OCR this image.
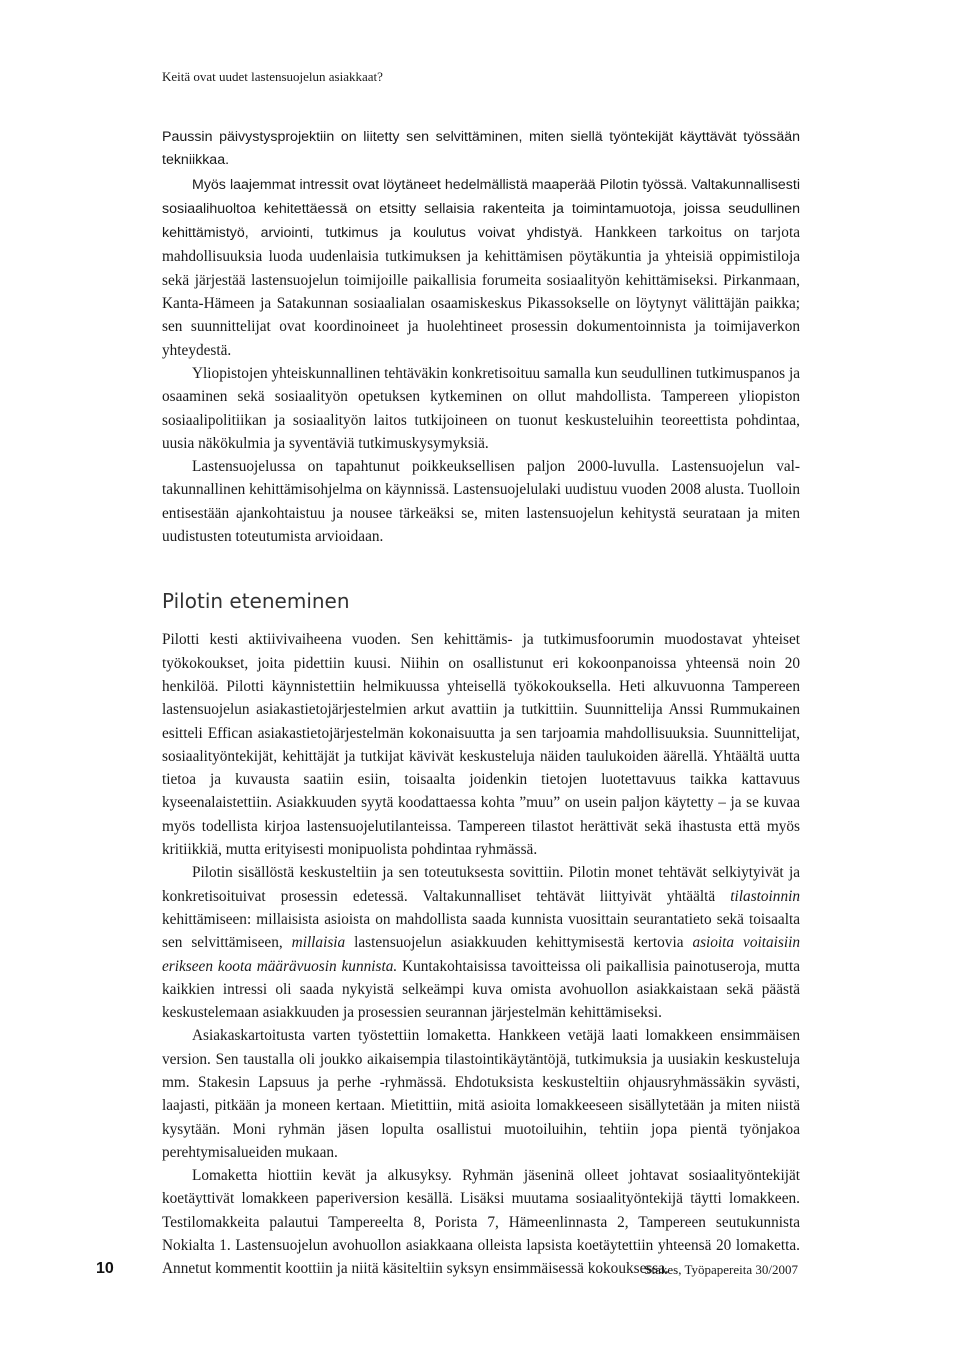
Keitä ovat uudet lastensuojelun asiakkaat?

Paussin päivystysprojektiin on liitetty sen selvittäminen, miten siellä työntekijät käyttävät työssään tekniikkaa.

Myös laajemmat intressit ovat löytäneet hedelmällistä maaperää Pilotin työssä. Valtakunnallisesti sosiaalihuoltoa kehitettäessä on etsitty sellaisia rakenteita ja toimintamuotoja, joissa seudullinen kehittämistyö, arviointi, tutkimus ja koulutus voivat yhdistyä. Hankkeen tarkoitus on tarjota mahdollisuuksia luoda uudenlaisia tutkimuksen ja kehittämisen pöytäkuntia ja yhteisiä oppimistiloja sekä järjestää lastensuojelun toimijoille paikallisia forumeita sosiaalityön kehittämiseksi. Pirkanmaan, Kanta-Hämeen ja Satakunnan sosiaalialan osaamiskeskus Pikassokselle on löytynyt välittäjän paikka; sen suunnittelijat ovat koordinoineet ja huolehtineet prosessin dokumentoinnista ja toimijaverkon yhteydestä.

Yliopistojen yhteiskunnallinen tehtäväkin konkretisoituu samalla kun seudullinen tutkimuspanos ja osaaminen sekä sosiaalityön opetuksen kytkeminen on ollut mahdollista. Tampereen yliopiston sosiaalipolitiikan ja sosiaalityön laitos tutkijoineen on tuonut keskusteluihin teoreettista pohdintaa, uusia näkökulmia ja syventäviä tutkimuskysymyksiä.

Lastensuojelussa on tapahtunut poikkeuksellisen paljon 2000-luvulla. Lastensuojelun valtakunnallinen kehittämisohjelma on käynnissä. Lastensuojelulaki uudistuu vuoden 2008 alusta. Tuolloin entisestään ajankohtaistuu ja nousee tärkeäksi se, miten lastensuojelun kehitystä seurataan ja miten uudistusten toteutumista arvioidaan.

Pilotin eteneminen

Pilotti kesti aktiivivaiheena vuoden. Sen kehittämis- ja tutkimusfoorumin muodostavat yhteiset työkokoukset, joita pidettiin kuusi. Niihin on osallistunut eri kokoonpanoissa yhteensä noin 20 henkilöä. Pilotti käynnistettiin helmikuussa yhteisellä työkokouksella. Heti alkuvuonna Tampereen lastensuojelun asiakastietojärjestelmien arkut avattiin ja tutkittiin. Suunnittelija Anssi Rummukainen esitteli Effican asiakastietojärjestelmän kokonaisuutta ja sen tarjoamia mahdollisuuksia. Suunnittelijat, sosiaalityöntekijät, kehittäjät ja tutkijat kävivät keskusteluja näiden taulukoiden äärellä. Yhtäältä uutta tietoa ja kuvausta saatiin esiin, toisaalta joidenkin tietojen luotettavuus taikka kattavuus kyseenalaistettiin. Asiakkuuden syytä koodattaessa kohta ”muu” on usein paljon käytetty – ja se kuvaa myös todellista kirjoa lastensuojelutilanteissa. Tampereen tilastot herättivät sekä ihastusta että myös kritiikkiä, mutta erityisesti monipuolista pohdintaa ryhmässä.

Pilotin sisällöstä keskusteltiin ja sen toteutuksesta sovittiin. Pilotin monet tehtävät selkiytyivät ja konkretisoituivat prosessin edetessä. Valtakunnalliset tehtävät liittyivät yhtäältä tilastoinnin kehittämiseen: millaisista asioista on mahdollista saada kunnista vuosittain seurantatieto sekä toisaalta sen selvittämiseen, millaisia lastensuojelun asiakkuuden kehittymisestä kertovia asioita voitaisiin erikseen koota määrävuosin kunnista. Kuntakohtaisissa tavoitteissa oli paikallisia painotuseroja, mutta kaikkien intressi oli saada nykyistä selkeämpi kuva omista avohuollon asiakkaistaan sekä päästä keskustelemaan asiakkuuden ja prosessien seurannan järjestelmän kehittämiseksi.

Asiakaskartoitusta varten työstettiin lomaketta. Hankkeen vetäjä laati lomakkeen ensimmäisen version. Sen taustalla oli joukko aikaisempia tilastointikäytäntöjä, tutkimuksia ja uusiakin keskusteluja mm. Stakesin Lapsuus ja perhe -ryhmässä. Ehdotuksista keskusteltiin ohjausryhmässäkin syvästi, laajasti, pitkään ja moneen kertaan. Mietittiin, mitä asioita lomakkeeseen sisällytetään ja miten niistä kysytään. Moni ryhmän jäsen lopulta osallistui muotoiluihin, tehtiin jopa pientä työnjakoa perehtymisalueiden mukaan.

Lomaketta hiottiin kevät ja alkusyksy. Ryhmän jäseninä olleet johtavat sosiaalityöntekijät koetäyttivät lomakkeen paperiversion kesällä. Lisäksi muutama sosiaalityöntekijä täytti lomakkeen. Testilomakkeita palautui Tampereelta 8, Porista 7, Hämeenlinnasta 2, Tampereen seutukunnista Nokialta 1. Lastensuojelun avohuollon asiakkaana olleista lapsista koetäytettiin yhteensä 20 lomaketta. Annetut kommentit koottiin ja niitä käsiteltiin syksyn ensimmäisessä kokouksessa.

10	Stakes, Työpapereita 30/2007
